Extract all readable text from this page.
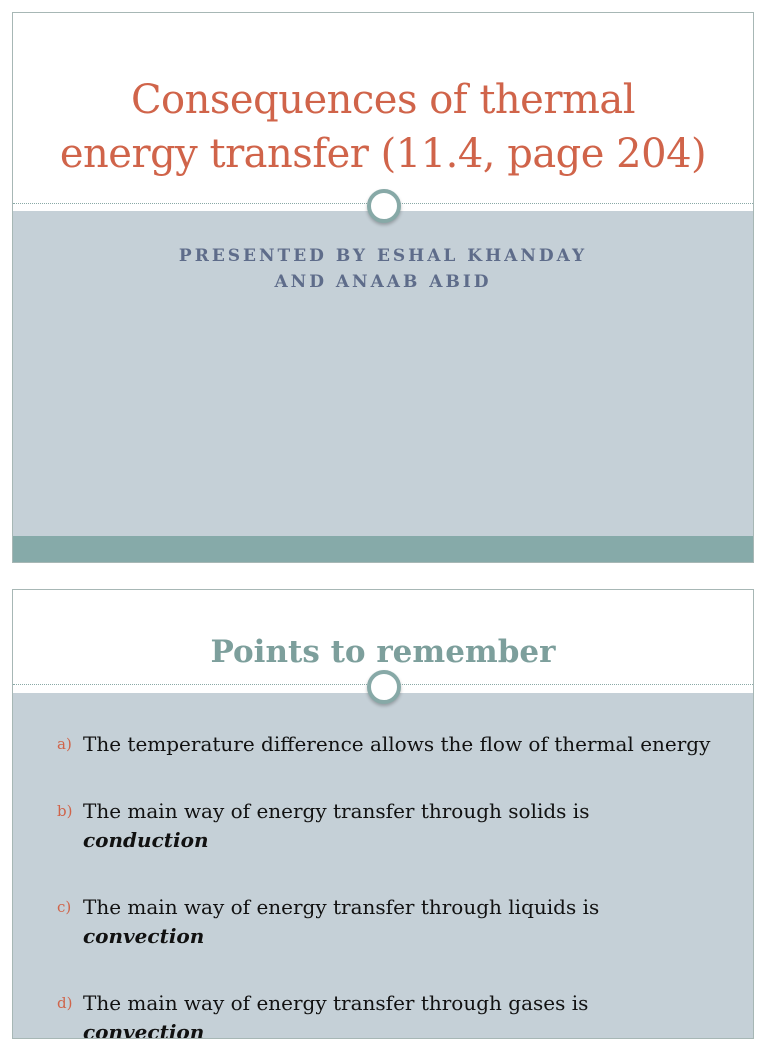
Consequences of thermal
energy transfer (11.4, page 204)
PRESENTED BY ESHAL KHANDAY
AND ANAAB ABID
Points to remember
a) The temperature difference allows the flow of thermal energy
b) The main way of energy transfer through solids is
conduction
c) The main way of energy transfer through liquids is
convection
d) The main way of energy transfer through gases is
convection
